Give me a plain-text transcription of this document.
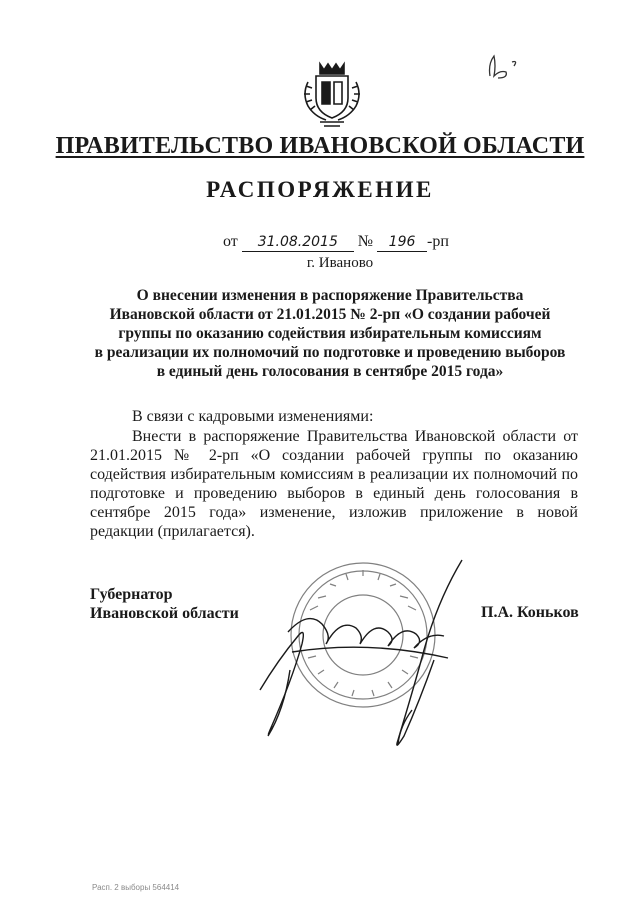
ПРАВИТЕЛЬСТВО ИВАНОВСКОЙ ОБЛАСТИ
РАСПОРЯЖЕНИЕ
от 31.08.2015 № 196 -рп
г. Иваново
О внесении изменения в распоряжение Правительства
Ивановской области от 21.01.2015 № 2-рп «О создании рабочей
группы по оказанию содействия избирательным комиссиям
в реализации их полномочий по подготовке и проведению выборов
в единый день голосования в сентябре 2015 года»
В связи с кадровыми изменениями:
Внести в распоряжение Правительства Ивановской области от 21.01.2015 № 2-рп «О создании рабочей группы по оказанию содействия избирательным комиссиям в реализации их полномочий по подготовке и проведению выборов в единый день голосования в сентябре 2015 года» изменение, изложив приложение в новой редакции (прилагается).
Губернатор
Ивановской области	П.А. Коньков
Расп. 2 выборы 564414
